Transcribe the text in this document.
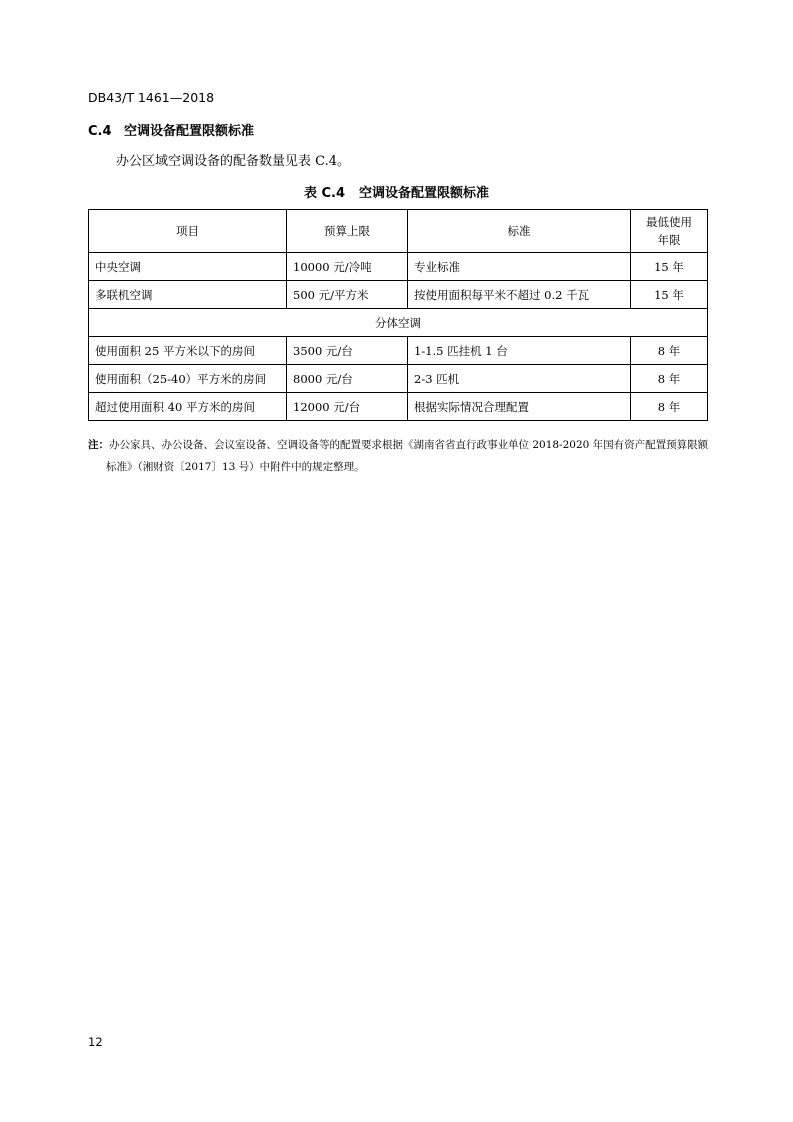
DB43/T 1461—2018
C.4 空调设备配置限额标准
办公区域空调设备的配备数量见表 C.4。
表 C.4 空调设备配置限额标准
项目	预算上限	标准	最低使用
年限
中央空调	10000 元/冷吨	专业标准	15 年
多联机空调	500 元/平方米	按使用面积每平米不超过 0.2 千瓦	15 年
分体空调			
使用面积 25 平方米以下的房间	3500 元/台	1-1.5 匹挂机 1 台	8 年
使用面积（25-40）平方米的房间	8000 元/台	2-3 匹机	8 年
超过使用面积 40 平方米的房间	12000 元/台	根据实际情况合理配置	8 年
注：办公家具、办公设备、会议室设备、空调设备等的配置要求根据《湖南省省直行政事业单位 2018-2020 年国有资产配置预算限额
标准》（湘财资〔2017〕13 号）中附件中的规定整理。
12
